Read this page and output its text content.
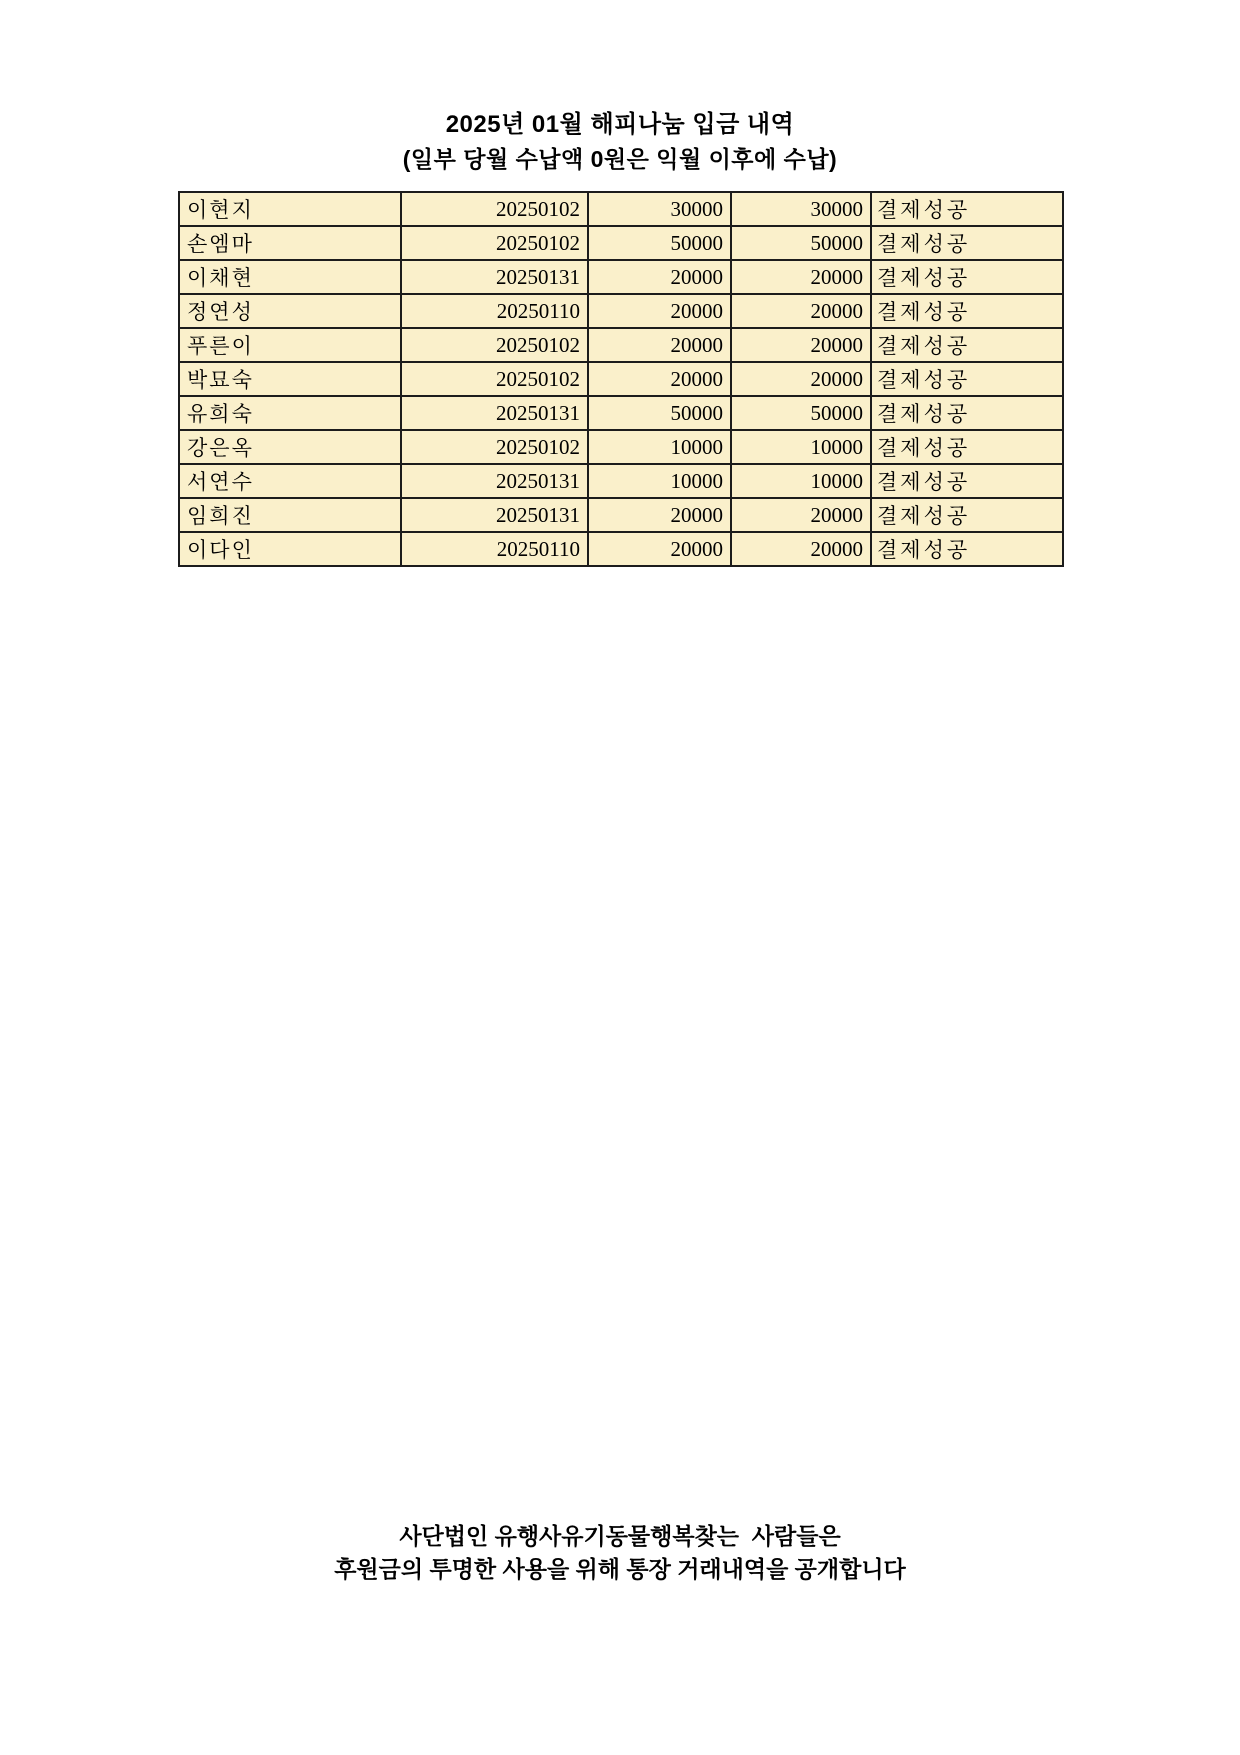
2025년 01월 해피나눔 입금 내역
(일부 당월 수납액 0원은 익월 이후에 수납)
이현지	20250102	30000	30000	결제성공
손엠마	20250102	50000	50000	결제성공
이채현	20250131	20000	20000	결제성공
정연성	20250110	20000	20000	결제성공
푸른이	20250102	20000	20000	결제성공
박묘숙	20250102	20000	20000	결제성공
유희숙	20250131	50000	50000	결제성공
강은옥	20250102	10000	10000	결제성공
서연수	20250131	10000	10000	결제성공
임희진	20250131	20000	20000	결제성공
이다인	20250110	20000	20000	결제성공
사단법인 유행사유기동물행복찾는  사람들은
후원금의 투명한 사용을 위해 통장 거래내역을 공개합니다
